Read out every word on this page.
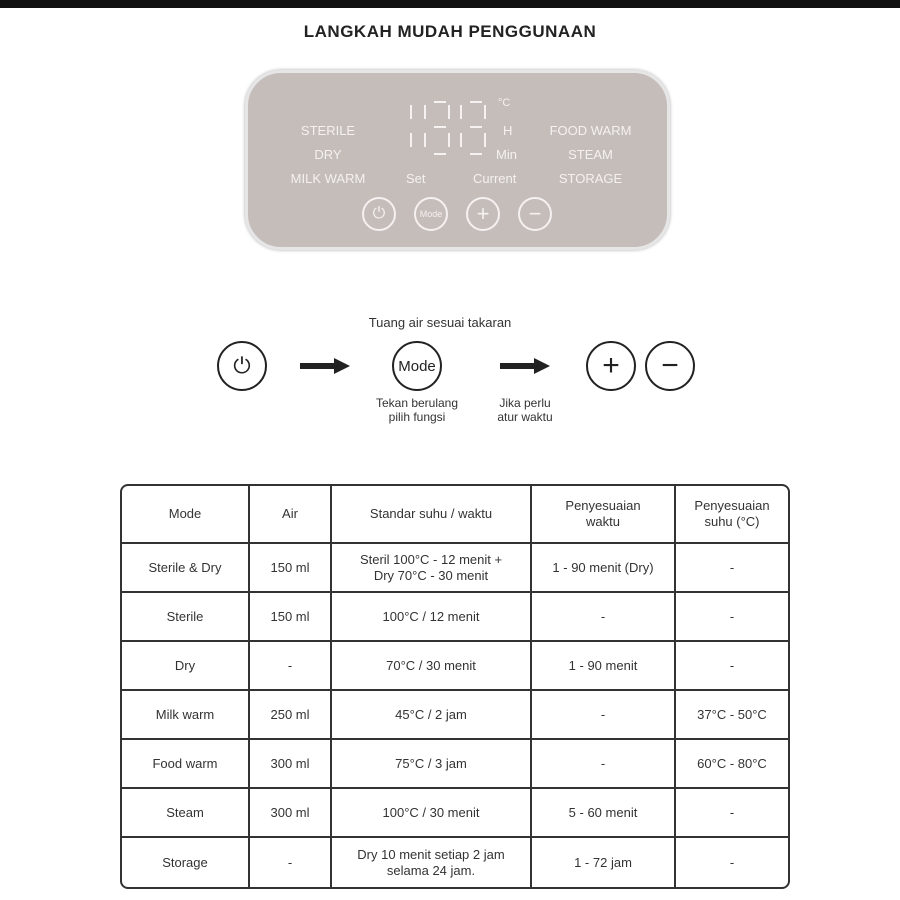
LANGKAH MUDAH PENGGUNAAN
STERILE
DRY
MILK WARM
FOOD WARM
STEAM
STORAGE
°C
H
Min
Set	Current
⏻	Mode + −
Tuang air sesuai takaran
⏻	Mode	+ −
Tekan berulang
pilih fungsi
Jika perlu
atur waktu
Mode	Air	Standar suhu / waktu	Penyesuaian waktu	Penyesuaian suhu (°C)
Sterile & Dry	150 ml	Steril 100°C - 12 menit + Dry 70°C - 30 menit	1 - 90 menit (Dry)	-
Sterile	150 ml	100°C / 12 menit	-	-
Dry	-	70°C / 30 menit	1 - 90 menit	-
Milk warm	250 ml	45°C / 2 jam	-	37°C - 50°C
Food warm	300 ml	75°C / 3 jam	-	60°C - 80°C
Steam	300 ml	100°C / 30 menit	5 - 60 menit	-
Storage	-	Dry 10 menit setiap 2 jam selama 24 jam.	1 - 72 jam	-
